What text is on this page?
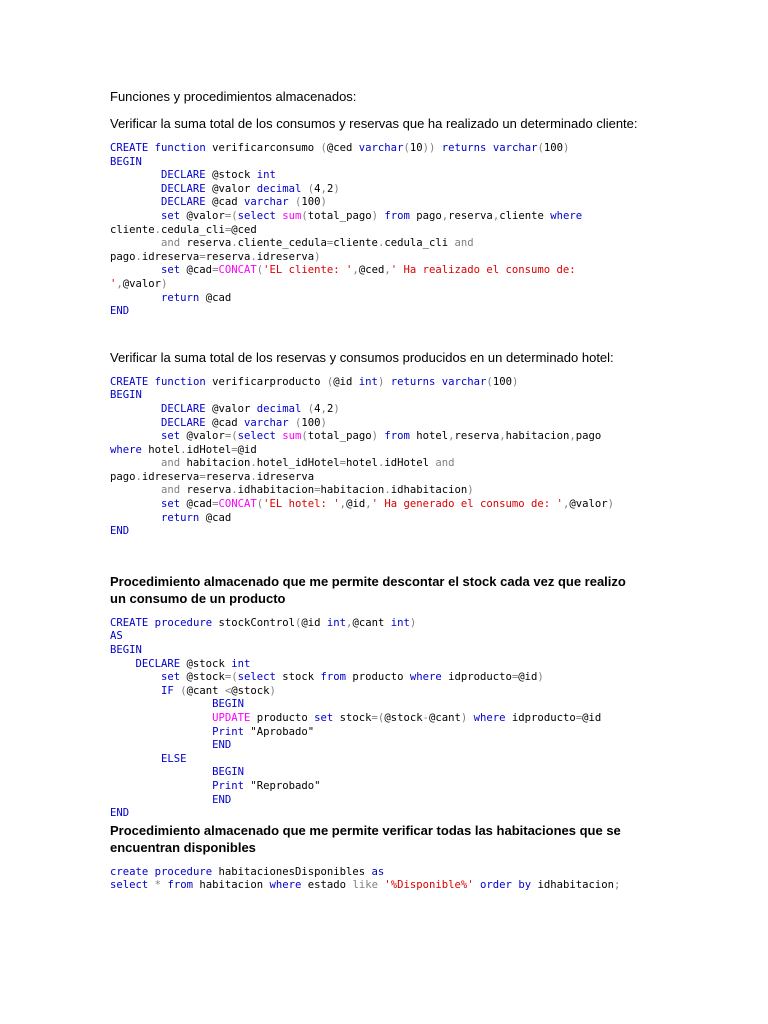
Funciones y procedimientos almacenados:

Verificar la suma total de los consumos y reservas que ha realizado un determinado cliente:

CREATE function verificarconsumo (@ced varchar(10)) returns varchar(100)
BEGIN
	DECLARE @stock int
	DECLARE @valor decimal (4,2)
	DECLARE @cad varchar (100)
	set @valor=(select sum(total_pago) from pago,reserva,cliente where
cliente.cedula_cli=@ced
	and reserva.cliente_cedula=cliente.cedula_cli and
pago.idreserva=reserva.idreserva)
	set @cad=CONCAT('EL cliente: ',@ced,' Ha realizado el consumo de:
',@valor)
	return @cad
END

Verificar la suma total de los reservas y consumos producidos en un determinado hotel:

CREATE function verificarproducto (@id int) returns varchar(100)
BEGIN
	DECLARE @valor decimal (4,2)
	DECLARE @cad varchar (100)
	set @valor=(select sum(total_pago) from hotel,reserva,habitacion,pago
where hotel.idHotel=@id
	and habitacion.hotel_idHotel=hotel.idHotel and
pago.idreserva=reserva.idreserva
	and reserva.idhabitacion=habitacion.idhabitacion)
	set @cad=CONCAT('EL hotel: ',@id,' Ha generado el consumo de: ',@valor)
	return @cad
END

Procedimiento almacenado que me permite descontar el stock cada vez que realizo un consumo de un producto

CREATE procedure stockControl(@id int,@cant int)
AS
BEGIN
DECLARE @stock int
	set @stock=(select stock from producto where idproducto=@id)
	IF (@cant <@stock)
		BEGIN
		UPDATE producto set stock=(@stock-@cant) where idproducto=@id
		Print "Aprobado"
		END
	ELSE
		BEGIN
		Print "Reprobado"
		END
END

Procedimiento almacenado que me permite verificar todas las habitaciones que se encuentran disponibles

create procedure habitacionesDisponibles as
select * from habitacion where estado like '%Disponible%' order by idhabitacion;
